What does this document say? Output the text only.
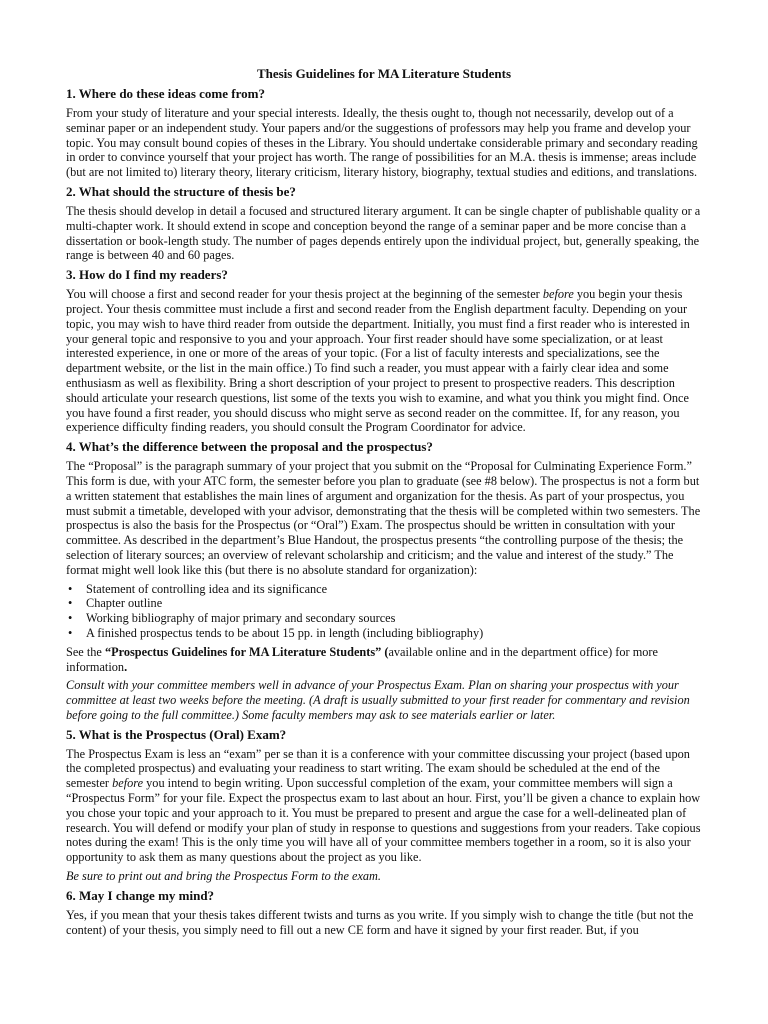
Thesis Guidelines for MA Literature Students
1. Where do these ideas come from?

From your study of literature and your special interests. Ideally, the thesis ought to, though not necessarily, develop out of a seminar paper or an independent study. Your papers and/or the suggestions of professors may help you frame and develop your topic. You may consult bound copies of theses in the Library. You should undertake considerable primary and secondary reading in order to convince yourself that your project has worth. The range of possibilities for an M.A. thesis is immense; areas include (but are not limited to) literary theory, literary criticism, literary history, biography, textual studies and editions, and translations.

2. What should the structure of thesis be?

The thesis should develop in detail a focused and structured literary argument. It can be single chapter of publishable quality or a multi-chapter work. It should extend in scope and conception beyond the range of a seminar paper and be more concise than a dissertation or book-length study. The number of pages depends entirely upon the individual project, but, generally speaking, the range is between 40 and 60 pages.

3. How do I find my readers?

You will choose a first and second reader for your thesis project at the beginning of the semester before you begin your thesis project. Your thesis committee must include a first and second reader from the English department faculty. Depending on your topic, you may wish to have third reader from outside the department. Initially, you must find a first reader who is interested in your general topic and responsive to you and your approach. Your first reader should have some specialization, or at least interested experience, in one or more of the areas of your topic. (For a list of faculty interests and specializations, see the department website, or the list in the main office.) To find such a reader, you must appear with a fairly clear idea and some enthusiasm as well as flexibility. Bring a short description of your project to present to prospective readers. This description should articulate your research questions, list some of the texts you wish to examine, and what you think you might find. Once you have found a first reader, you should discuss who might serve as second reader on the committee. If, for any reason, you experience difficulty finding readers, you should consult the Program Coordinator for advice.

4. What’s the difference between the proposal and the prospectus?

The “Proposal” is the paragraph summary of your project that you submit on the “Proposal for Culminating Experience Form.” This form is due, with your ATC form, the semester before you plan to graduate (see #8 below). The prospectus is not a form but a written statement that establishes the main lines of argument and organization for the thesis. As part of your prospectus, you must submit a timetable, developed with your advisor, demonstrating that the thesis will be completed within two semesters. The prospectus is also the basis for the Prospectus (or “Oral”) Exam. The prospectus should be written in consultation with your committee. As described in the department’s Blue Handout, the prospectus presents “the controlling purpose of the thesis; the selection of literary sources; an overview of relevant scholarship and criticism; and the value and interest of the study.” The format might well look like this (but there is no absolute standard for organization):

• Statement of controlling idea and its significance
• Chapter outline
• Working bibliography of major primary and secondary sources
• A finished prospectus tends to be about 15 pp. in length (including bibliography)

See the “Prospectus Guidelines for MA Literature Students” (available online and in the department office) for more information.

Consult with your committee members well in advance of your Prospectus Exam. Plan on sharing your prospectus with your committee at least two weeks before the meeting. (A draft is usually submitted to your first reader for commentary and revision before going to the full committee.) Some faculty members may ask to see materials earlier or later.

5. What is the Prospectus (Oral) Exam?

The Prospectus Exam is less an “exam” per se than it is a conference with your committee discussing your project (based upon the completed prospectus) and evaluating your readiness to start writing. The exam should be scheduled at the end of the semester before you intend to begin writing. Upon successful completion of the exam, your committee members will sign a “Prospectus Form” for your file. Expect the prospectus exam to last about an hour. First, you’ll be given a chance to explain how you chose your topic and your approach to it. You must be prepared to present and argue the case for a well-delineated plan of research. You will defend or modify your plan of study in response to questions and suggestions from your readers. Take copious notes during the exam! This is the only time you will have all of your committee members together in a room, so it is also your opportunity to ask them as many questions about the project as you like.

Be sure to print out and bring the Prospectus Form to the exam.

6. May I change my mind?

Yes, if you mean that your thesis takes different twists and turns as you write. If you simply wish to change the title (but not the content) of your thesis, you simply need to fill out a new CE form and have it signed by your first reader. But, if you
